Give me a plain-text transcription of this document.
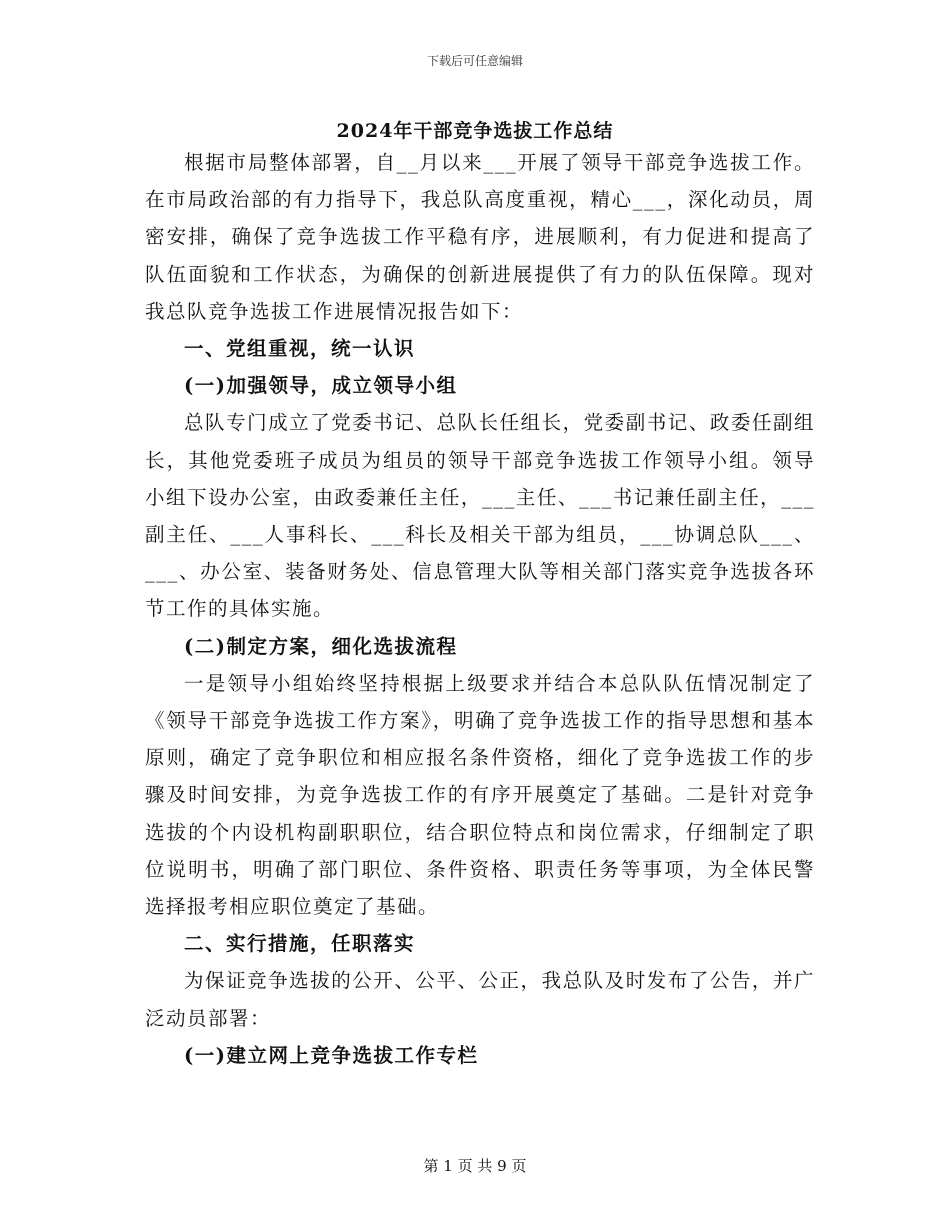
下载后可任意编辑
2024年干部竞争选拔工作总结

根据市局整体部署，自__月以来___开展了领导干部竞争选拔工作。在市局政治部的有力指导下，我总队高度重视，精心___，深化动员，周密安排，确保了竞争选拔工作平稳有序，进展顺利，有力促进和提高了队伍面貌和工作状态，为确保的创新进展提供了有力的队伍保障。现对我总队竞争选拔工作进展情况报告如下：

一、党组重视，统一认识
(一)加强领导，成立领导小组

总队专门成立了党委书记、总队长任组长，党委副书记、政委任副组长，其他党委班子成员为组员的领导干部竞争选拔工作领导小组。领导小组下设办公室，由政委兼任主任，___主任、___书记兼任副主任，___副主任、___人事科长、___科长及相关干部为组员，___协调总队___、___、办公室、装备财务处、信息管理大队等相关部门落实竞争选拔各环节工作的具体实施。

(二)制定方案，细化选拔流程

一是领导小组始终坚持根据上级要求并结合本总队队伍情况制定了《领导干部竞争选拔工作方案》，明确了竞争选拔工作的指导思想和基本原则，确定了竞争职位和相应报名条件资格，细化了竞争选拔工作的步骤及时间安排，为竞争选拔工作的有序开展奠定了基础。二是针对竞争选拔的个内设机构副职职位，结合职位特点和岗位需求，仔细制定了职位说明书，明确了部门职位、条件资格、职责任务等事项，为全体民警选择报考相应职位奠定了基础。

二、实行措施，任职落实

为保证竞争选拔的公开、公平、公正，我总队及时发布了公告，并广泛动员部署：

(一)建立网上竞争选拔工作专栏
第 1 页 共 9 页
